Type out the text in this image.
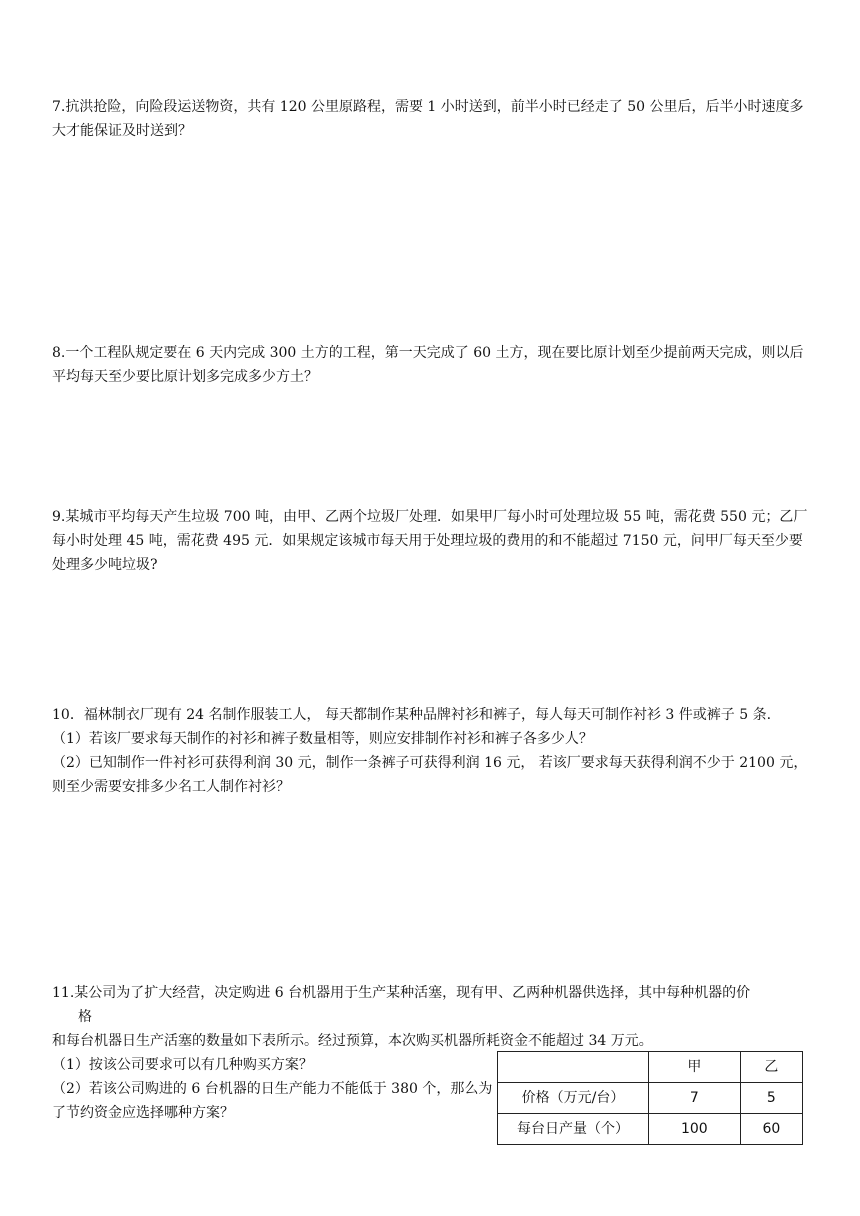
7.抗洪抢险，向险段运送物资，共有 120 公里原路程，需要 1 小时送到，前半小时已经走了 50 公里后，后半小时速度多大才能保证及时送到？

8.一个工程队规定要在 6 天内完成 300 土方的工程，第一天完成了 60 土方，现在要比原计划至少提前两天完成，则以后平均每天至少要比原计划多完成多少方土？

9.某城市平均每天产生垃圾 700 吨，由甲、乙两个垃圾厂处理．如果甲厂每小时可处理垃圾 55 吨，需花费 550 元；乙厂每小时处理 45 吨，需花费 495 元．如果规定该城市每天用于处理垃圾的费用的和不能超过 7150 元，问甲厂每天至少要处理多少吨垃圾?

10．福林制衣厂现有 24 名制作服装工人， 每天都制作某种品牌衬衫和裤子，每人每天可制作衬衫 3 件或裤子 5 条.

（1）若该厂要求每天制作的衬衫和裤子数量相等，则应安排制作衬衫和裤子各多少人？

（2）已知制作一件衬衫可获得利润 30 元，制作一条裤子可获得利润 16 元， 若该厂要求每天获得利润不少于 2100 元，则至少需要安排多少名工人制作衬衫？

11.某公司为了扩大经营，决定购进 6 台机器用于生产某种活塞，现有甲、乙两种机器供选择，其中每种机器的价

格

和每台机器日生产活塞的数量如下表所示。经过预算，本次购买机器所耗资金不能超过 34 万元。

（1）按该公司要求可以有几种购买方案？

（2）若该公司购进的 6 台机器的日生产能力不能低于 380 个，那么为了节约资金应选择哪种方案？

	甲	乙
价格（万元/台）	7	5
每台日产量（个）	100	60
